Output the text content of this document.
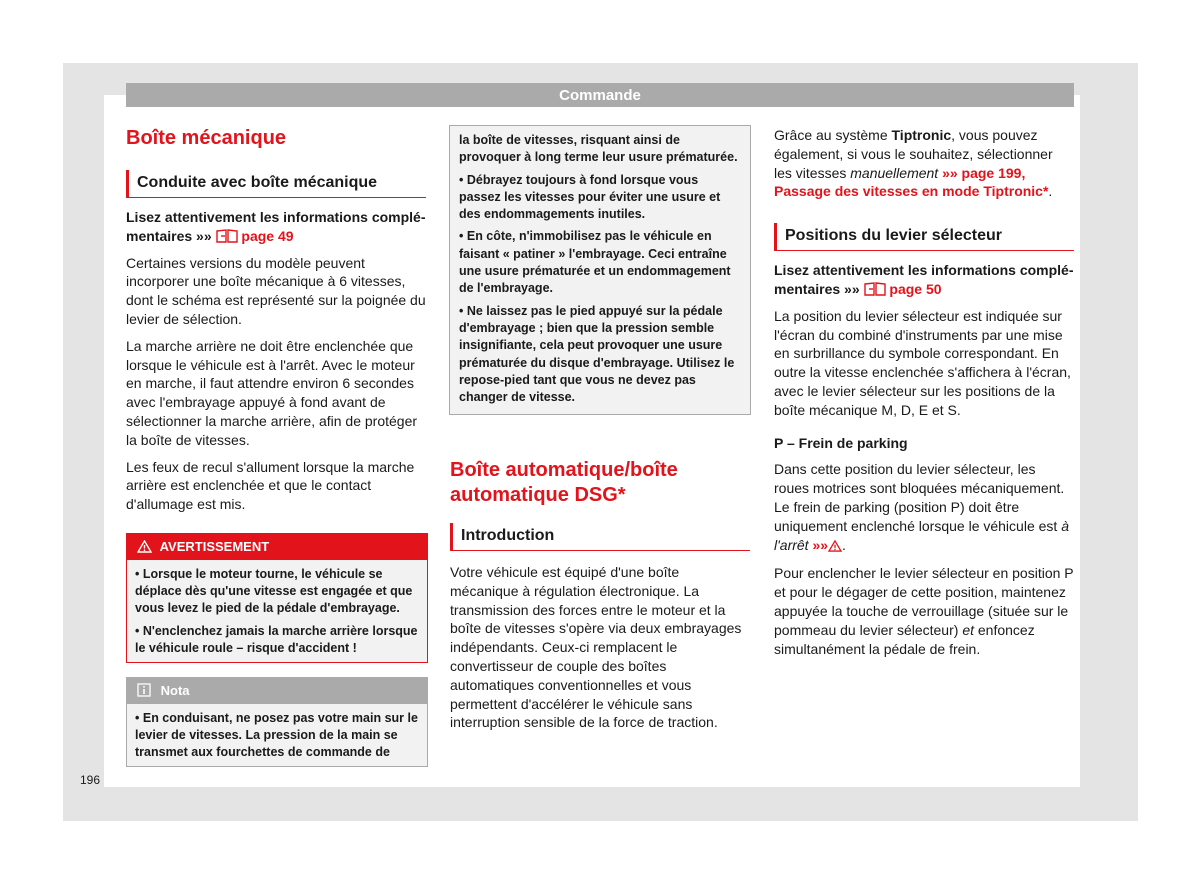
Commande
Boîte mécanique
Conduite avec boîte mécanique

Lisez attentivement les informations complé-mentaires »» page 49

Certaines versions du modèle peuvent incorporer une boîte mécanique à 6 vitesses, dont le schéma est représenté sur la poignée du levier de sélection.

La marche arrière ne doit être enclenchée que lorsque le véhicule est à l'arrêt. Avec le moteur en marche, il faut attendre environ 6 secondes avec l'embrayage appuyé à fond avant de sélectionner la marche arrière, afin de protéger la boîte de vitesses.

Les feux de recul s'allument lorsque la marche arrière est enclenchée et que le contact d'allumage est mis.

AVERTISSEMENT

• Lorsque le moteur tourne, le véhicule se déplace dès qu'une vitesse est engagée et que vous levez le pied de la pédale d'embrayage.

• N'enclenchez jamais la marche arrière lorsque le véhicule roule – risque d'accident !

Nota

• En conduisant, ne posez pas votre main sur le levier de vitesses. La pression de la main se transmet aux fourchettes de commande de

la boîte de vitesses, risquant ainsi de provoquer à long terme leur usure prématurée.

• Débrayez toujours à fond lorsque vous passez les vitesses pour éviter une usure et des endommagements inutiles.

• En côte, n'immobilisez pas le véhicule en faisant « patiner » l'embrayage. Ceci entraîne une usure prématurée et un endommagement de l'embrayage.

• Ne laissez pas le pied appuyé sur la pédale d'embrayage ; bien que la pression semble insignifiante, cela peut provoquer une usure prématurée du disque d'embrayage. Utilisez le repose-pied tant que vous ne devez pas changer de vitesse.

Boîte automatique/boîte automatique DSG*
Introduction

Votre véhicule est équipé d'une boîte mécanique à régulation électronique. La transmission des forces entre le moteur et la boîte de vitesses s'opère via deux embrayages indépendants. Ceux-ci remplacent le convertisseur de couple des boîtes automatiques conventionnelles et vous permettent d'accélérer le véhicule sans interruption sensible de la force de traction.

Grâce au système Tiptronic, vous pouvez également, si vous le souhaitez, sélectionner les vitesses manuellement »» page 199, Passage des vitesses en mode Tiptronic*.

Positions du levier sélecteur

Lisez attentivement les informations complé-mentaires »» page 50

La position du levier sélecteur est indiquée sur l'écran du combiné d'instruments par une mise en surbrillance du symbole correspondant. En outre la vitesse enclenchée s'affichera à l'écran, avec le levier sélecteur sur les positions de la boîte mécanique M, D, E et S.

P – Frein de parking

Dans cette position du levier sélecteur, les roues motrices sont bloquées mécaniquement. Le frein de parking (position P) doit être uniquement enclenché lorsque le véhicule est à l'arrêt »» .

Pour enclencher le levier sélecteur en position P et pour le dégager de cette position, maintenez appuyée la touche de verrouillage (située sur le pommeau du levier sélecteur) et enfoncez simultanément la pédale de frein.

196
